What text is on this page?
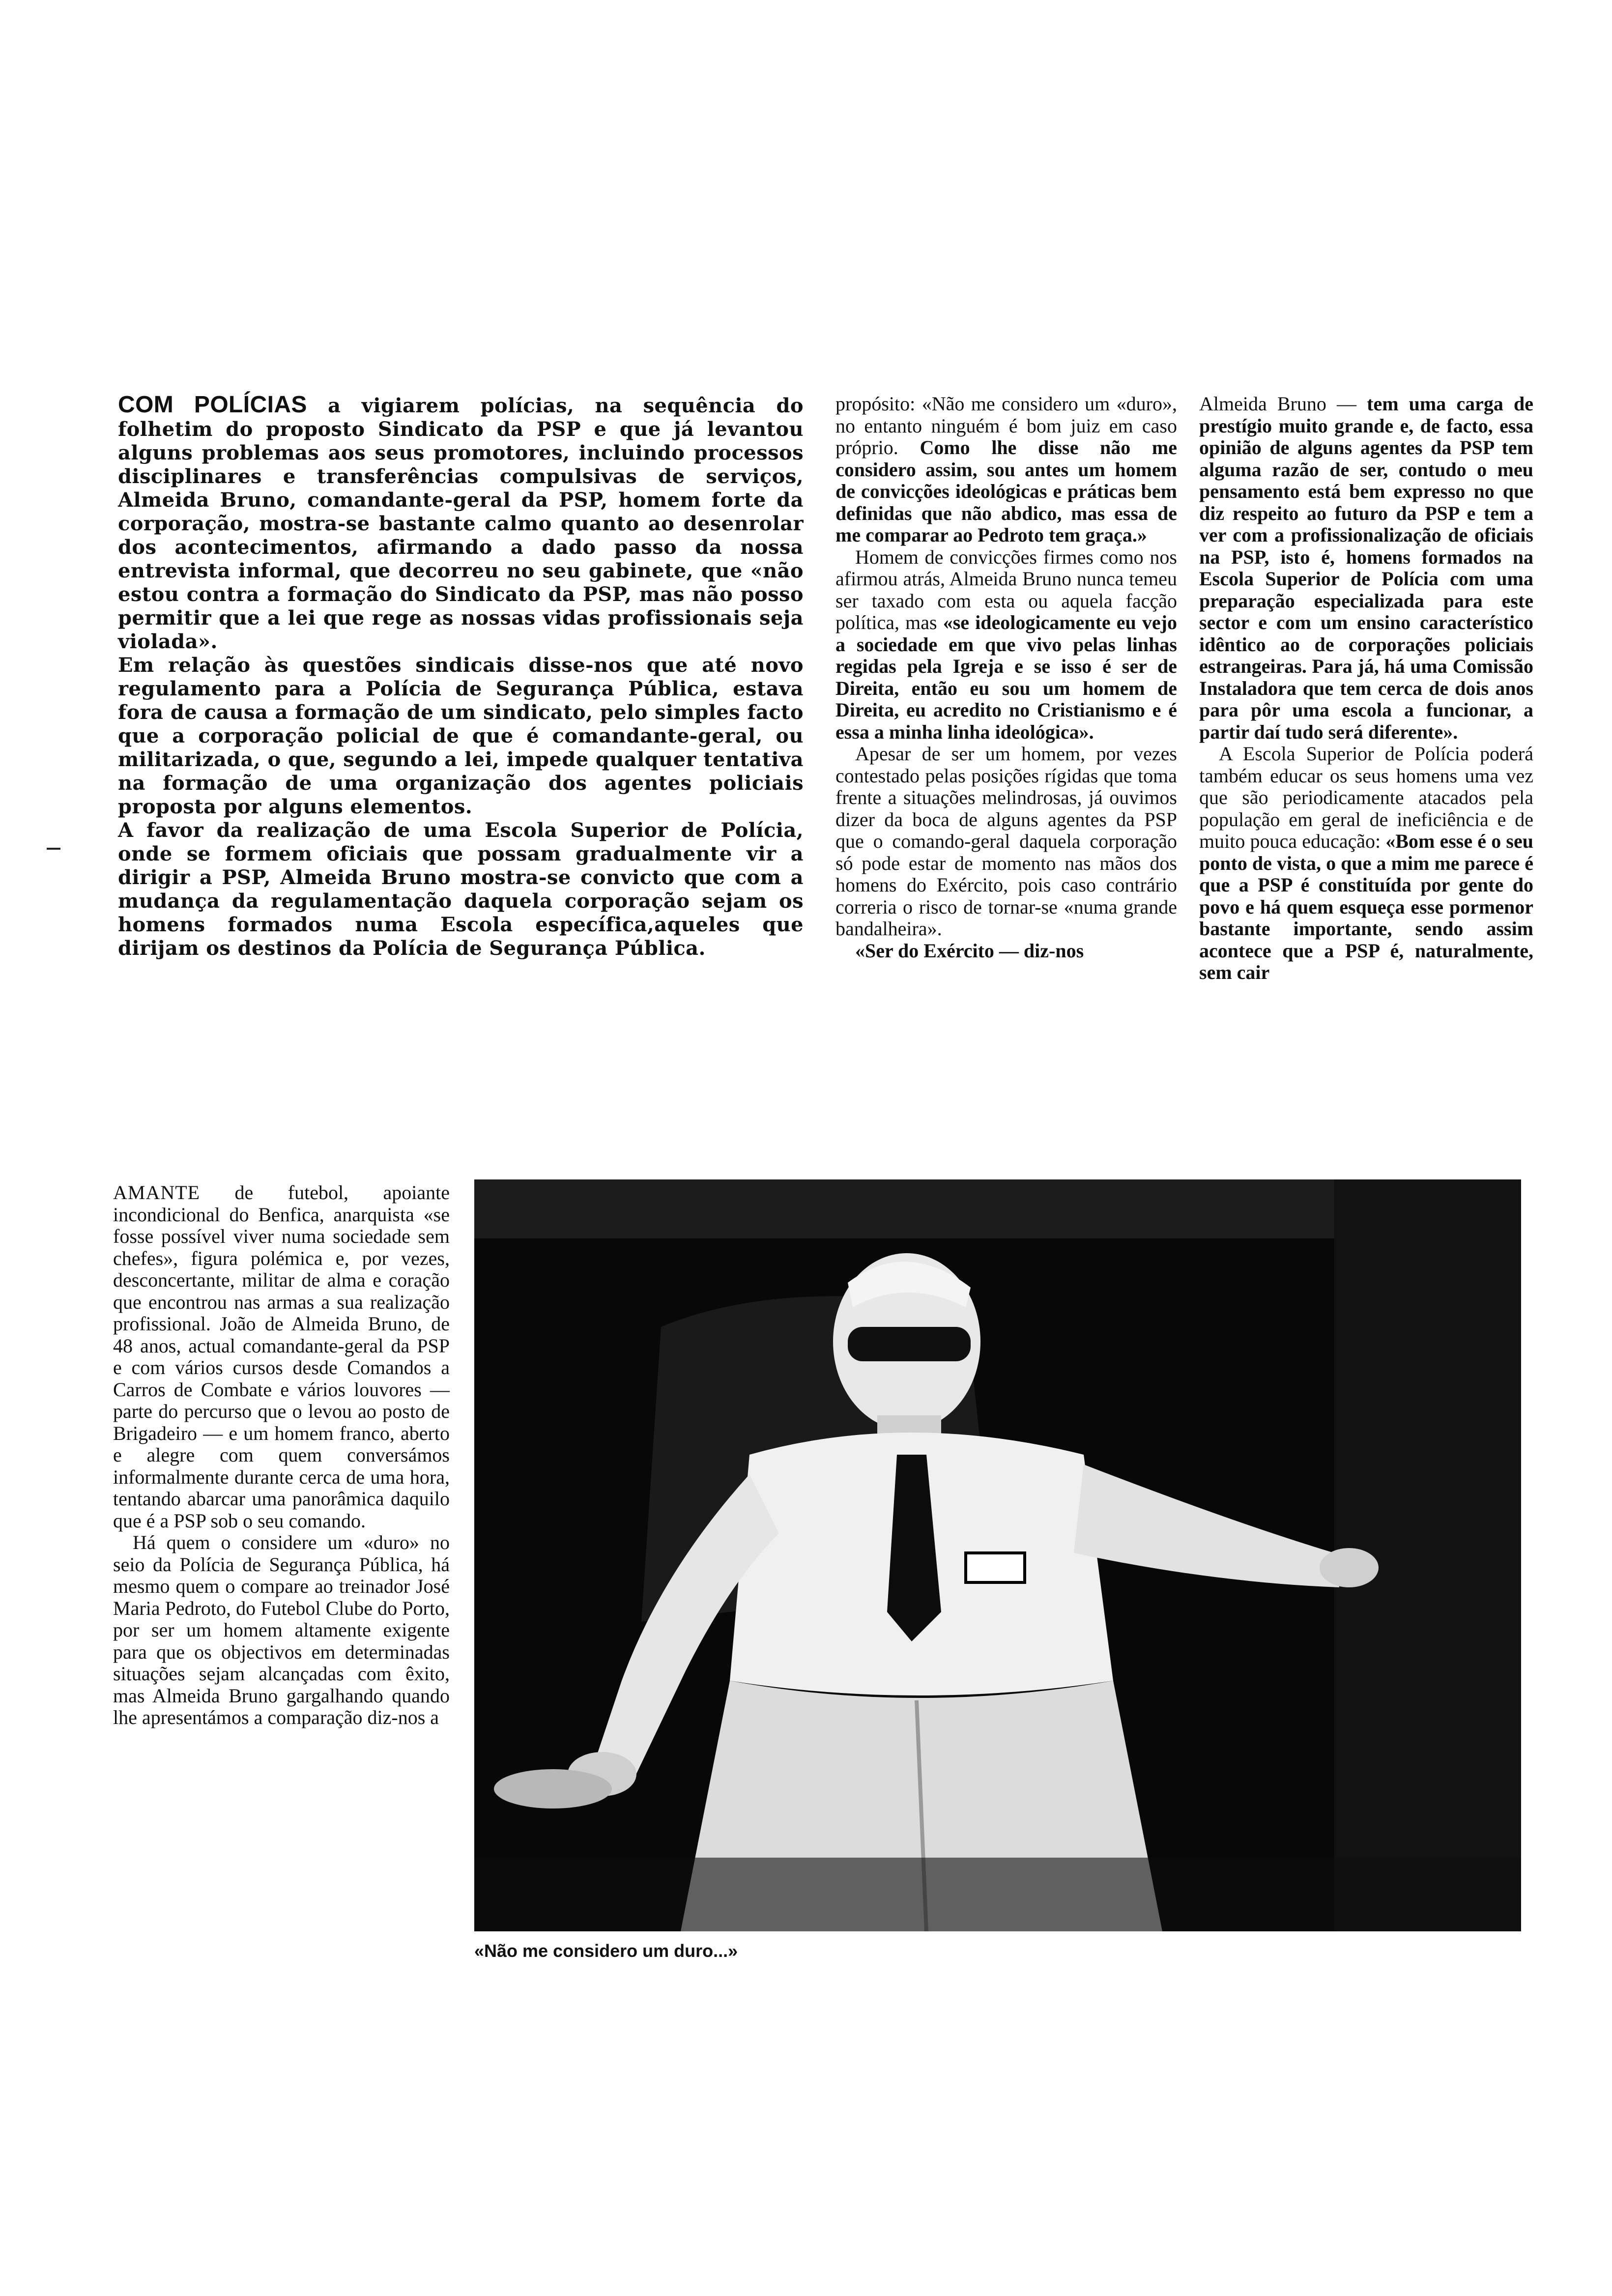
COM POLÍCIAS a vigiarem polícias, na sequência do folhetim do proposto Sindicato da PSP e que já levantou alguns problemas aos seus promotores, incluindo processos disciplinares e transferências compulsivas de serviços, Almeida Bruno, comandante-geral da PSP, homem forte da corporação, mostra-se bastante calmo quanto ao desenrolar dos acontecimentos, afirmando a dado passo da nossa entrevista informal, que decorreu no seu gabinete, que «não estou contra a formação do Sindicato da PSP, mas não posso permitir que a lei que rege as nossas vidas profissionais seja violada».

Em relação às questões sindicais disse-nos que até novo regulamento para a Polícia de Segurança Pública, estava fora de causa a formação de um sindicato, pelo simples facto que a corporação policial de que é comandante-geral, ou militarizada, o que, segundo a lei, impede qualquer tentativa na formação de uma organização dos agentes policiais proposta por alguns elementos.

A favor da realização de uma Escola Superior de Polícia, onde se formem oficiais que possam gradualmente vir a dirigir a PSP, Almeida Bruno mostra-se convicto que com a mudança da regulamentação daquela corporação sejam os homens formados numa Escola específica,aqueles que dirijam os destinos da Polícia de Segurança Pública.

AMANTE de futebol, apoiante incondicional do Benfica, anarquista «se fosse possível viver numa sociedade sem chefes», figura polémica e, por vezes, desconcertante, militar de alma e coração que encontrou nas armas a sua realização profissional. João de Almeida Bruno, de 48 anos, actual comandante-geral da PSP e com vários cursos desde Comandos a Carros de Combate e vários louvores — parte do percurso que o levou ao posto de Brigadeiro — e um homem franco, aberto e alegre com quem conversámos informalmente durante cerca de uma hora, tentando abarcar uma panorâmica daquilo que é a PSP sob o seu comando.

Há quem o considere um «duro» no seio da Polícia de Segurança Pública, há mesmo quem o compare ao treinador José Maria Pedroto, do Futebol Clube do Porto, por ser um homem altamente exigente para que os objectivos em determinadas situações sejam alcançadas com êxito, mas Almeida Bruno gargalhando quando lhe apresentámos a comparação diz-nos a

propósito: «Não me considero um «duro», no entanto ninguém é bom juiz em caso próprio. Como lhe disse não me considero assim, sou antes um homem de convicções ideológicas e práticas bem definidas que não abdico, mas essa de me comparar ao Pedroto tem graça.»

Homem de convicções firmes como nos afirmou atrás, Almeida Bruno nunca temeu ser taxado com esta ou aquela facção política, mas «se ideologicamente eu vejo a sociedade em que vivo pelas linhas regidas pela Igreja e se isso é ser de Direita, então eu sou um homem de Direita, eu acredito no Cristianismo e é essa a minha linha ideológica».

Apesar de ser um homem, por vezes contestado pelas posições rígidas que toma frente a situações melindrosas, já ouvimos dizer da boca de alguns agentes da PSP que o comando-geral daquela corporação só pode estar de momento nas mãos dos homens do Exército, pois caso contrário correria o risco de tornar-se «numa grande bandalheira».

«Ser do Exército — diz-nos

Almeida Bruno — tem uma carga de prestígio muito grande e, de facto, essa opinião de alguns agentes da PSP tem alguma razão de ser, contudo o meu pensamento está bem expresso no que diz respeito ao futuro da PSP e tem a ver com a profissionalização de oficiais na PSP, isto é, homens formados na Escola Superior de Polícia com uma preparação especializada para este sector e com um ensino característico idêntico ao de corporações policiais estrangeiras. Para já, há uma Comissão Instaladora que tem cerca de dois anos para pôr uma escola a funcionar, a partir daí tudo será diferente».

A Escola Superior de Polícia poderá também educar os seus homens uma vez que são periodicamente atacados pela população em geral de ineficiência e de muito pouca educação: «Bom esse é o seu ponto de vista, o que a mim me parece é que a PSP é constituída por gente do povo e há quem esqueça esse pormenor bastante importante, sendo assim acontece que a PSP é, naturalmente, sem cair

«Não me considero um duro...»
